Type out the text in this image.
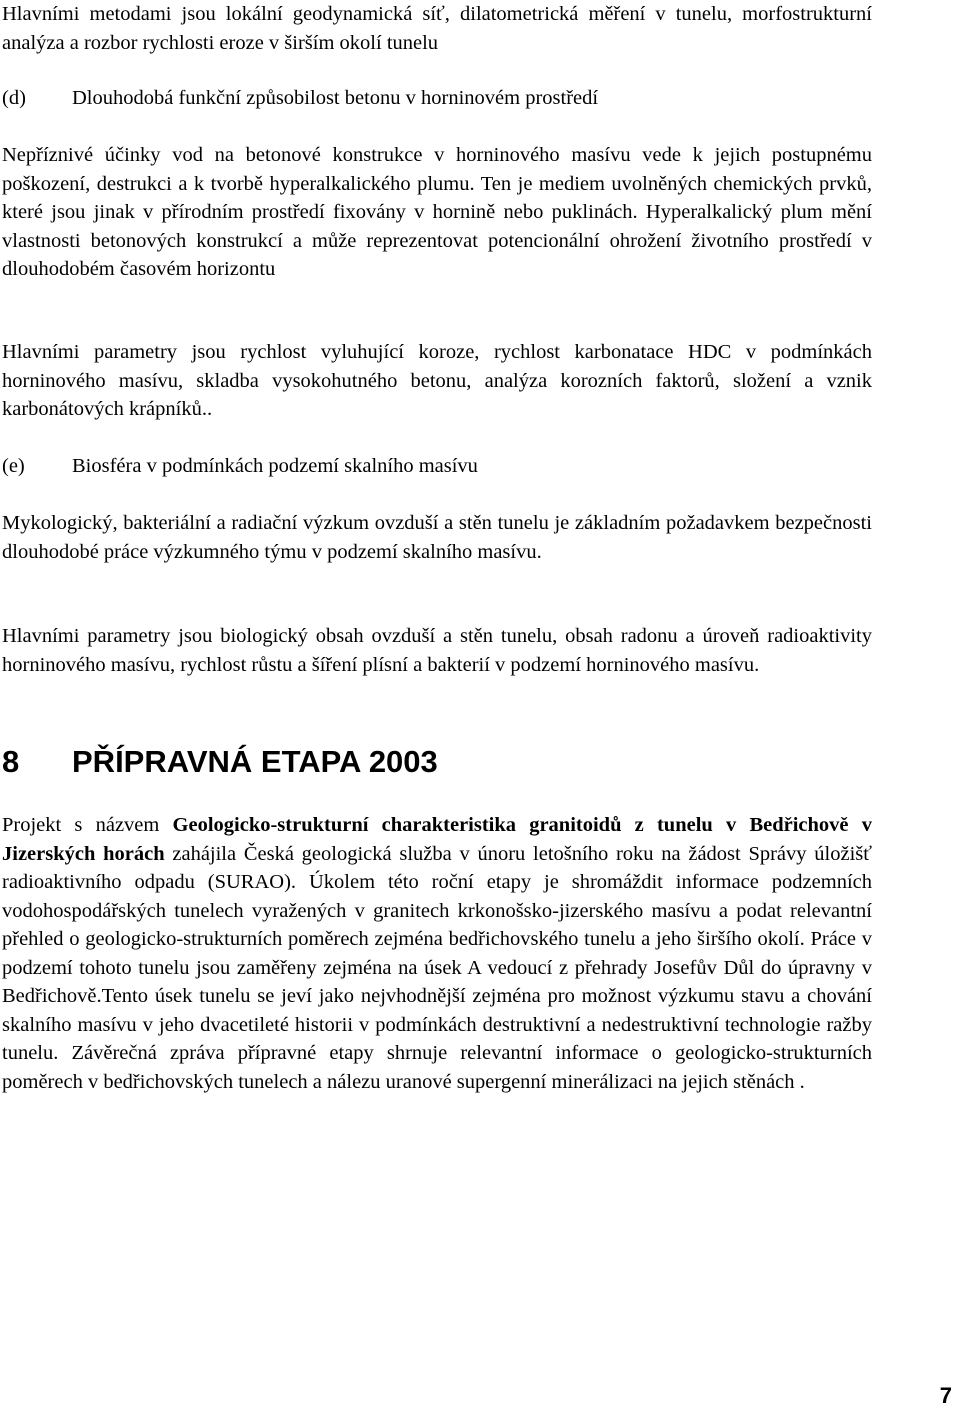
Hlavními metodami jsou lokální geodynamická síť, dilatometrická měření v tunelu, morfostrukturní analýza a rozbor rychlosti eroze v širším okolí tunelu

(d) Dlouhodobá funkční způsobilost betonu v horninovém prostředí

Nepříznivé účinky vod na betonové konstrukce v horninového masívu vede k jejich postupnému poškození, destrukci a k tvorbě hyperalkalického plumu. Ten je mediem uvolněných chemických prvků, které jsou jinak v přírodním prostředí fixovány v hornině nebo puklinách. Hyperalkalický plum mění vlastnosti betonových konstrukcí a může reprezentovat potencionální ohrožení životního prostředí v dlouhodobém časovém horizontu

Hlavními parametry jsou rychlost vyluhující koroze, rychlost karbonatace HDC v podmínkách horninového masívu, skladba vysokohutného betonu, analýza korozních faktorů, složení a vznik karbonátových krápníků..

(e) Biosféra v podmínkách podzemí skalního masívu

Mykologický, bakteriální a radiační výzkum ovzduší a stěn tunelu je základním požadavkem bezpečnosti dlouhodobé práce výzkumného týmu v podzemí skalního masívu.

Hlavními parametry jsou biologický obsah ovzduší a stěn tunelu, obsah radonu a úroveň radioaktivity horninového masívu, rychlost růstu a šíření plísní a bakterií v podzemí horninového masívu.

8 PŘÍPRAVNÁ ETAPA 2003

Projekt s názvem Geologicko-strukturní charakteristika granitoidů z tunelu v Bedřichově v Jizerských horách zahájila Česká geologická služba v únoru letošního roku na žádost Správy úložišť radioaktivního odpadu (SURAO). Úkolem této roční etapy je shromáždit informace podzemních vodohospodářských tunelech vyražených v granitech krkonošsko-jizerského masívu a podat relevantní přehled o geologicko-strukturních poměrech zejména bedřichovského tunelu a jeho širšího okolí. Práce v podzemí tohoto tunelu jsou zaměřeny zejména na úsek A vedoucí z přehrady Josefův Důl do úpravny v Bedřichově.Tento úsek tunelu se jeví jako nejvhodnější zejména pro možnost výzkumu stavu a chování skalního masívu v jeho dvacetileté historii v podmínkách destruktivní a nedestruktivní technologie ražby tunelu. Závěrečná zpráva přípravné etapy shrnuje relevantní informace o geologicko-strukturních poměrech v bedřichovských tunelech a nálezu uranové supergenní minerálizaci na jejich stěnách .

7
